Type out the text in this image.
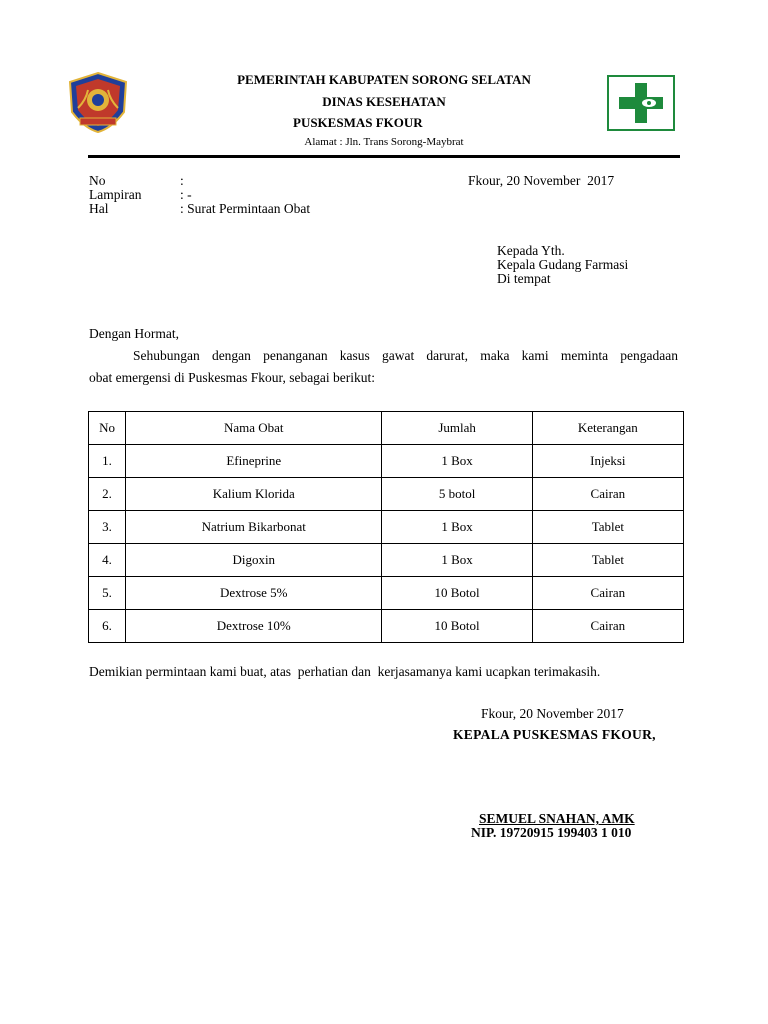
PEMERINTAH KABUPATEN SORONG SELATAN
DINAS KESEHATAN
PUSKESMAS FKOUR
Alamat : Jln. Trans Sorong-Maybrat
No	:
Lampiran	: -
Hal	: Surat Permintaan Obat
Fkour, 20 November  2017
Kepada Yth.
Kepala Gudang Farmasi
Di tempat
Dengan Hormat,
Sehubungan dengan penanganan kasus gawat darurat, maka kami meminta pengadaan
obat emergensi di Puskesmas Fkour, sebagai berikut:
No	Nama Obat	Jumlah	Keterangan
1.	Efineprine	1 Box	Injeksi
2.	Kalium Klorida	5 botol	Cairan
3.	Natrium Bikarbonat	1 Box	Tablet
4.	Digoxin	1 Box	Tablet
5.	Dextrose 5%	10 Botol	Cairan
6.	Dextrose 10%	10 Botol	Cairan
Demikian permintaan kami buat, atas  perhatian dan  kerjasamanya kami ucapkan terimakasih.
Fkour, 20 November 2017
KEPALA PUSKESMAS FKOUR,
SEMUEL SNAHAN, AMK
NIP. 19720915 199403 1 010
